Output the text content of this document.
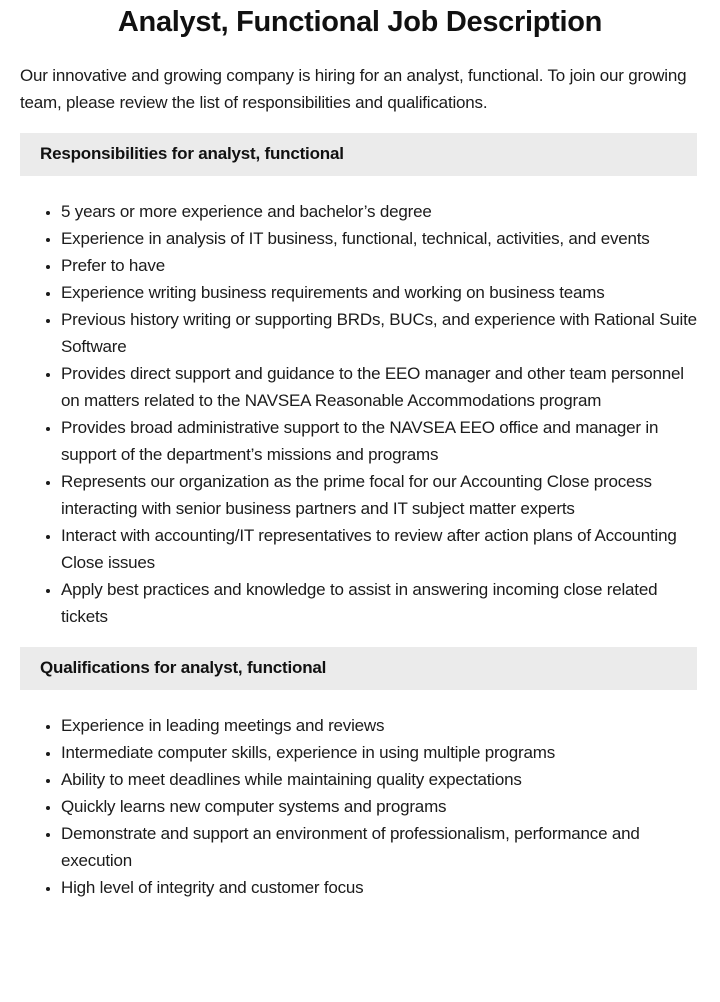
Analyst, Functional Job Description

Our innovative and growing company is hiring for an analyst, functional. To join our growing team, please review the list of responsibilities and qualifications.

Responsibilities for analyst, functional
• 5 years or more experience and bachelor’s degree
• Experience in analysis of IT business, functional, technical, activities, and events
• Prefer to have
• Experience writing business requirements and working on business teams
• Previous history writing or supporting BRDs, BUCs, and experience with Rational Suite Software
• Provides direct support and guidance to the EEO manager and other team personnel on matters related to the NAVSEA Reasonable Accommodations program
• Provides broad administrative support to the NAVSEA EEO office and manager in support of the department’s missions and programs
• Represents our organization as the prime focal for our Accounting Close process interacting with senior business partners and IT subject matter experts
• Interact with accounting/IT representatives to review after action plans of Accounting Close issues
• Apply best practices and knowledge to assist in answering incoming close related tickets
Qualifications for analyst, functional
• Experience in leading meetings and reviews
• Intermediate computer skills, experience in using multiple programs
• Ability to meet deadlines while maintaining quality expectations
• Quickly learns new computer systems and programs
• Demonstrate and support an environment of professionalism, performance and execution
• High level of integrity and customer focus
